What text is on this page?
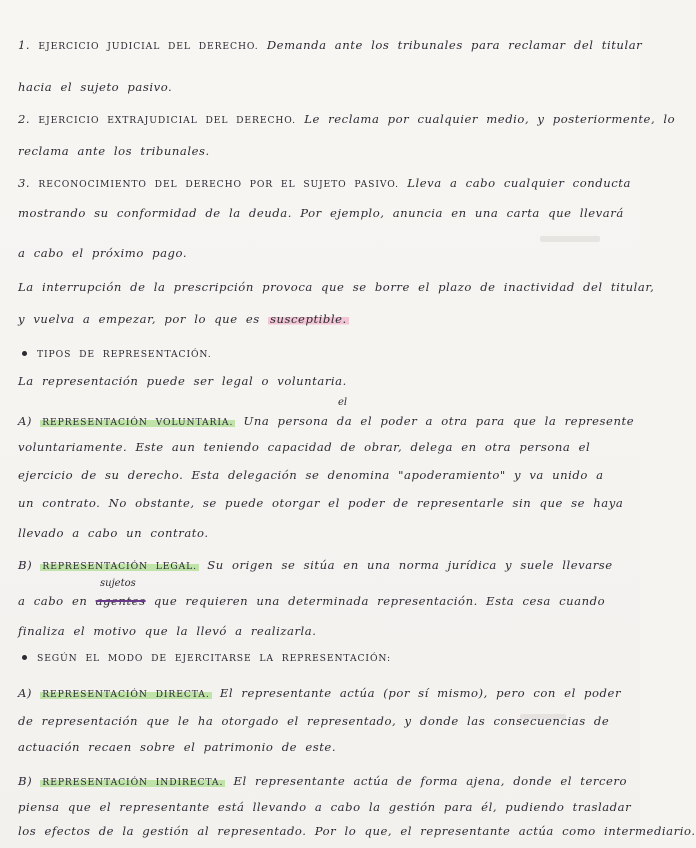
1. EJERCICIO JUDICIAL DEL DERECHO. Demanda ante los tribunales para reclamar del titular
hacia el sujeto pasivo.
2. EJERCICIO EXTRAJUDICIAL DEL DERECHO. Le reclama por cualquier medio, y posteriormente, lo
reclama ante los tribunales.
3. RECONOCIMIENTO DEL DERECHO POR EL SUJETO PASIVO. Lleva a cabo cualquier conducta
mostrando su conformidad de la deuda. Por ejemplo, anuncia en una carta que llevará
a cabo el próximo pago.
La interrupción de la prescripción provoca que se borre el plazo de inactividad del titular,
y vuelva a empezar, por lo que es susceptible.
TIPOS DE REPRESENTACIÓN.
La representación puede ser legal o voluntaria.
el
A) REPRESENTACIÓN VOLUNTARIA. Una persona da el poder a otra para que la represente
voluntariamente. Este aun teniendo capacidad de obrar, delega en otra persona el
ejercicio de su derecho. Esta delegación se denomina "apoderamiento" y va unido a
un contrato. No obstante, se puede otorgar el poder de representarle sin que se haya
llevado a cabo un contrato.
B) REPRESENTACIÓN LEGAL. Su origen se sitúa en una norma jurídica y suele llevarse
sujetos
a cabo en agentes que requieren una determinada representación. Esta cesa cuando
finaliza el motivo que la llevó a realizarla.
SEGÚN EL MODO DE EJERCITARSE LA REPRESENTACIÓN:
A) REPRESENTACIÓN DIRECTA. El representante actúa (por sí mismo), pero con el poder
de representación que le ha otorgado el representado, y donde las consecuencias de
actuación recaen sobre el patrimonio de este.
B) REPRESENTACIÓN INDIRECTA. El representante actúa de forma ajena, donde el tercero
piensa que el representante está llevando a cabo la gestión para él, pudiendo trasladar
los efectos de la gestión al representado. Por lo que, el representante actúa como intermediario.
